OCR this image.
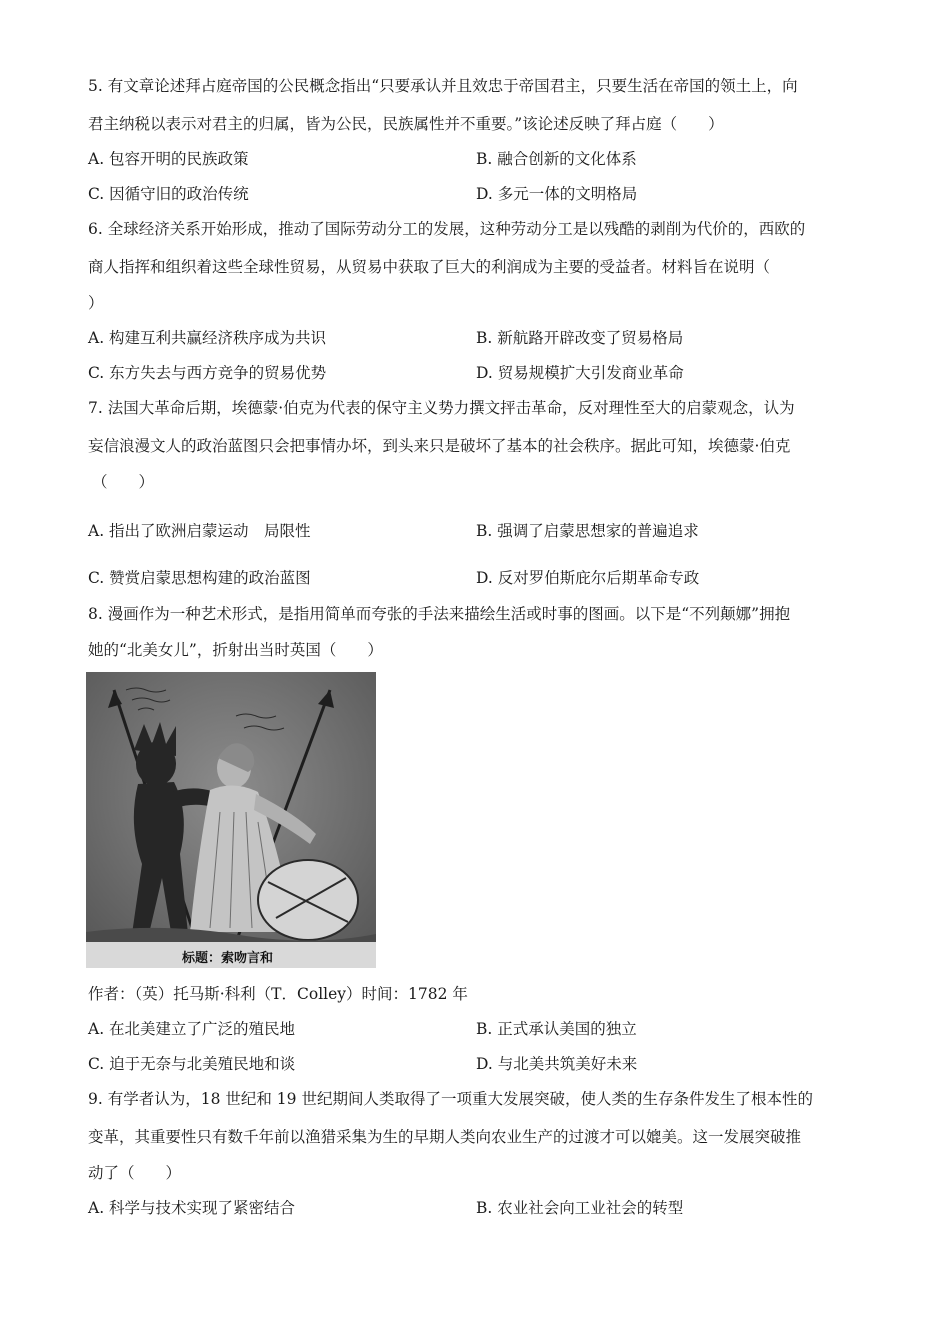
5. 有文章论述拜占庭帝国的公民概念指出“只要承认并且效忠于帝国君主，只要生活在帝国的领土上，向
君主纳税以表示对君主的归属，皆为公民，民族属性并不重要。”该论述反映了拜占庭（　　）
A. 包容开明的民族政策	B. 融合创新的文化体系
C. 因循守旧的政治传统	D. 多元一体的文明格局
6. 全球经济关系开始形成，推动了国际劳动分工的发展，这种劳动分工是以残酷的剥削为代价的，西欧的
商人指挥和组织着这些全球性贸易，从贸易中获取了巨大的利润成为主要的受益者。材料旨在说明（
）
A. 构建互利共赢经济秩序成为共识	B. 新航路开辟改变了贸易格局
C. 东方失去与西方竞争的贸易优势	D. 贸易规模扩大引发商业革命
7. 法国大革命后期，埃德蒙·伯克为代表的保守主义势力撰文抨击革命，反对理性至大的启蒙观念，认为
妄信浪漫文人的政治蓝图只会把事情办坏，到头来只是破坏了基本的社会秩序。据此可知，埃德蒙·伯克
（　　）
A. 指出了欧洲启蒙运动　局限性	B. 强调了启蒙思想家的普遍追求
C. 赞赏启蒙思想构建的政治蓝图	D. 反对罗伯斯庇尔后期革命专政
8. 漫画作为一种艺术形式，是指用简单而夸张的手法来描绘生活或时事的图画。以下是“不列颠娜”拥抱
她的“北美女儿”，折射出当时英国（　　）
标题：索吻言和
作者：（英）托马斯·科利（T．Colley）时间：1782 年
A. 在北美建立了广泛的殖民地	B. 正式承认美国的独立
C. 迫于无奈与北美殖民地和谈	D. 与北美共筑美好未来
9. 有学者认为，18 世纪和 19 世纪期间人类取得了一项重大发展突破，使人类的生存条件发生了根本性的
变革，其重要性只有数千年前以渔猎采集为生的早期人类向农业生产的过渡才可以媲美。这一发展突破推
动了（　　）
A. 科学与技术实现了紧密结合	B. 农业社会向工业社会的转型
